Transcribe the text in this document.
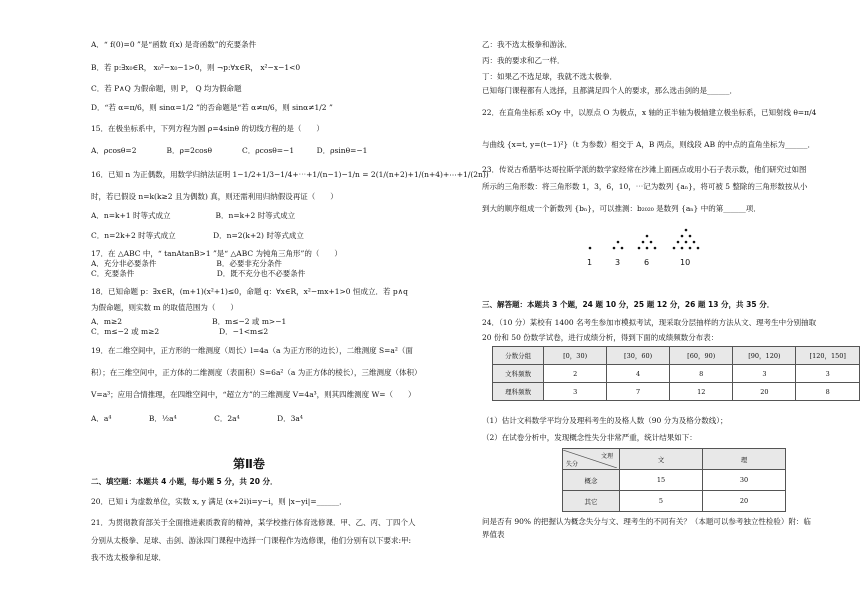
A．“ f(0)=0 ”是“函数 f(x) 是奇函数”的充要条件
B．若 p:∃x₀∈R， x₀²−x₀−1>0，则 ¬p:∀x∈R， x²−x−1<0
C．若 P∧Q 为假命题，则 P， Q 均为假命题
D．“若 α=π/6，则 sinα=1/2 ”的否命题是“若 α≠π/6，则 sinα≠1/2 ”
15．在极坐标系中，下列方程为圆 ρ=4sinθ 的切线方程的是（　　）
A．ρcosθ=2　　　　B．ρ=2cosθ　　　　C．ρcosθ=−1　　　D．ρsinθ=−1
16．已知 n 为正偶数，用数学归纳法证明 1−1/2+1/3−1/4+⋯+1/(n−1)−1/n = 2(1/(n+2)+1/(n+4)+⋯+1/(2n))
时，若已假设 n=k(k≥2 且为偶数) 真，则还需利用归纳假设再证（　　）
A．n=k+1 时等式成立　　　　　　B．n=k+2 时等式成立
C．n=2k+2 时等式成立　　　　　D．n=2(k+2) 时等式成立
17．在 △ABC 中，“ tanAtanB>1 ”是“ △ABC 为钝角三角形”的（　　）
A．充分非必要条件　　　　　　　　B．必要非充分条件
C．充要条件　　　　　　　　　　　D．既不充分也不必要条件
18．已知命题 p：∃x∈R，(m+1)(x²+1)≤0，命题 q：∀x∈R，x²−mx+1>0 恒成立．若 p∧q
为假命题，则实数 m 的取值范围为（　　）
A．m≥2　　　　　　　　　　　　B．m≤−2 或 m>−1
C．m≤−2 或 m≥2　　　　　　　　D．−1<m≤2
19．在二维空间中，正方形的一维测度（周长）l=4a（a 为正方形的边长），二维测度 S=a²（面
积）；在三维空间中，正方体的二维测度（表面积）S=6a²（a 为正方体的棱长），三维测度（体积）
V=a³；应用合情推理，在四维空间中，“超立方”的三维测度 V=4a³，则其四维测度 W=（　　）
A．a⁴　　　　　B．½a⁴　　　　　C．2a⁴　　　　　D．3a⁴
第Ⅱ卷
二、填空题：本题共 4 小题，每小题 5 分，共 20 分．
20．已知 i 为虚数单位，实数 x, y 满足 (x+2i)i=y−i，则 |x−yi|=______．
21．为贯彻教育部关于全面推进素质教育的精神，某学校推行体育选修课．甲、乙、丙、丁四个人
分别从太极拳、足球、击剑、游泳四门课程中选择一门课程作为选修课，他们分别有以下要求:甲:
我不选太极拳和足球．
乙：我不选太极拳和游泳．
丙：我的要求和乙一样．
丁：如果乙不选足球，我就不选太极拳．
已知每门课程都有人选择，且都满足四个人的要求，那么选击剑的是______．
22．在直角坐标系 xOy 中，以原点 O 为极点，x 轴的正半轴为极轴建立极坐标系，已知射线 θ=π/4
与曲线 {x=t, y=(t−1)²}（t 为参数）相交于 A，B 两点，则线段 AB 的中点的直角坐标为______．
23．传说古希腊毕达哥拉斯学派的数学家经常在沙滩上面画点或用小石子表示数，他们研究过如图
所示的三角形数：将三角形数 1，3，6，10，⋯记为数列 {aₙ}，将可被 5 整除的三角形数按从小
到大的顺序组成一个新数列 {bₙ}，可以推测：b₂₀₂₀ 是数列 {aₙ} 中的第______项．
1	3	6	10
三、解答题：本题共 3 个题，24 题 10 分，25 题 12 分，26 题 13 分，共 35 分．
24．（10 分）某校有 1400 名考生参加市模拟考试，现采取分层抽样的方法从文、理考生中分别抽取
20 份和 50 份数学试卷，进行成绩分析，得到下面的成绩频数分布表：
分数分组	[0，30)	[30，60)	[60，90)	[90，120)	[120，150]
文科频数	2	4	8	3	3
理科频数	3	7	12	20	8
（1）估计文科数学平均分及理科考生的及格人数（90 分为及格分数线）；
（2）在试卷分析中，发现概念性失分非常严重，统计结果如下：
文理
失分	文	理
概念	15	30
其它	5	20
问是否有 90% 的把握认为概念失分与文、理考生的不同有关？（本题可以参考独立性检验）附：临
界值表
